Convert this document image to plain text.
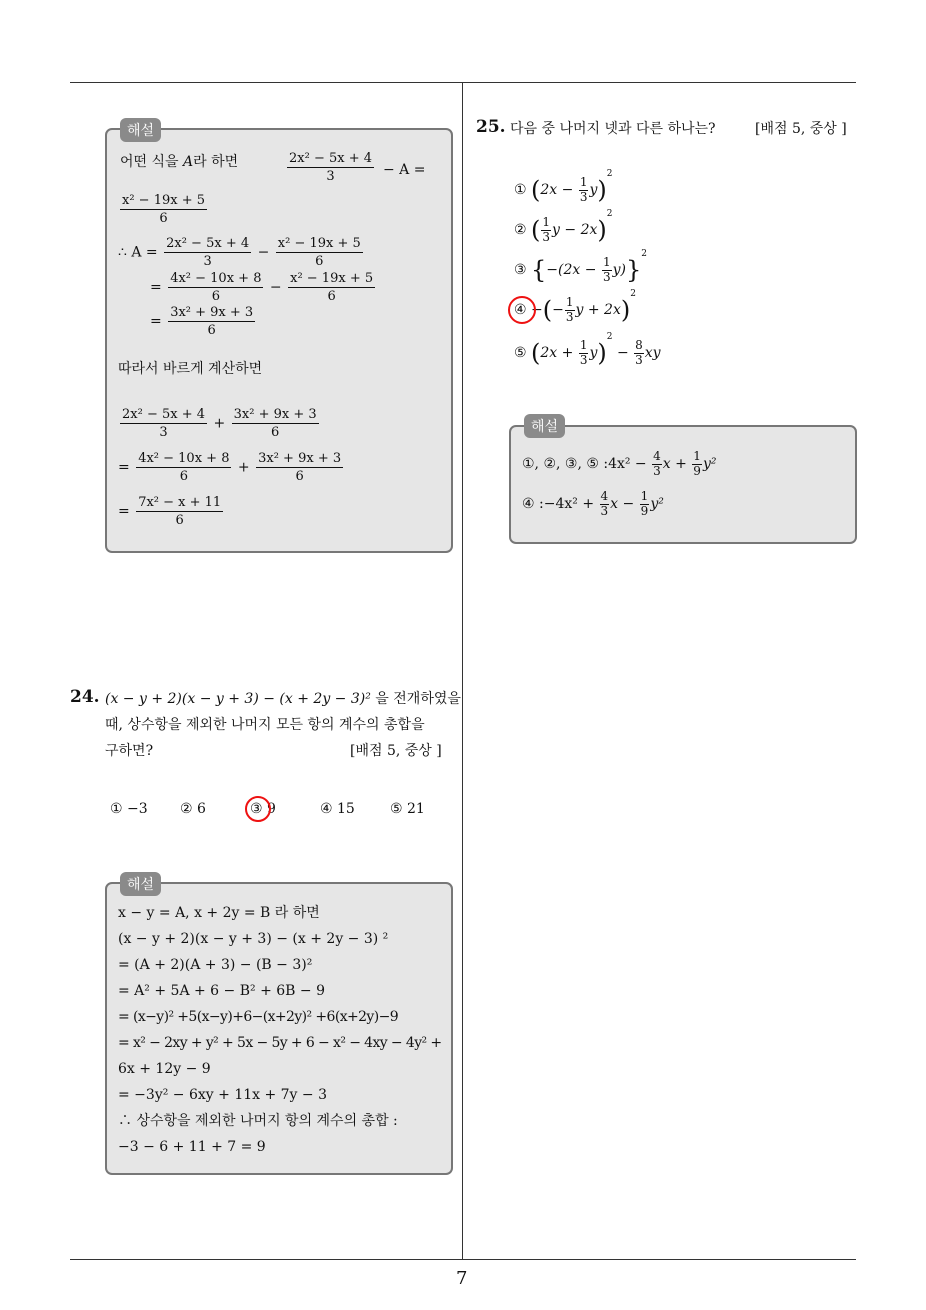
7
해설
어떤 식을 A라 하면	$\frac{\text{2x² − 5x + 4}}{3} - A$ =
$\frac{\text{x² − 19x + 5}}{6}$
∴ $A = \frac{\text{2x² − 5x + 4}}{3} - \frac{\text{x² − 19x + 5}}{6}$
= $\frac{\text{4x² − 10x + 8}}{6} - \frac{\text{x² − 19x + 5}}{6}$
= $\frac{\text{3x² + 9x + 3}}{6}$
따라서 바르게 계산하면
$\frac{\text{2x² − 5x + 4}}{3} + \frac{\text{3x² + 9x + 3}}{6}$
= $\frac{\text{4x² − 10x + 8}}{6} + \frac{\text{3x² + 9x + 3}}{6}$
= $\frac{\text{7x² − x + 11}}{6}$
24. (x − y + 2)(x − y + 3) − (x + 2y − 3)² 을 전개하였을
때, 상수항을 제외한 나머지 모든 항의 계수의 총합을
구하면?	[배점 5, 중상 ]
① −3 ② 6	③ 9	④ 15	⑤ 21
해설
x − y = A, x + 2y = B 라 하면
(x − y + 2)(x − y + 3) − (x + 2y − 3) ²
= (A + 2)(A + 3) − (B − 3)²
= A² + 5A + 6 − B² + 6B − 9
= (x−y)² +5(x−y)+6−(x+2y)² +6(x+2y)−9
= x² − 2xy + y² + 5x − 5y + 6 − x² − 4xy − 4y² +
6x + 12y − 9
= −3y² − 6xy + 11x + 7y − 3
∴ 상수항을 제외한 나머지 항의 계수의 총합 :
−3 − 6 + 11 + 7 = 9
25. 다음 중 나머지 넷과 다른 하나는?	[배점 5, 중상 ]
① $(2x - \frac{1}{3} y)^2$
② ( $\frac{1}{3}$ y − 2x)$^2$
③ $\{-(2x - \frac{1}{3} y)\}^2$
④ −(− $\frac{1}{3}$ y + 2x)$^2$
⑤ $(2x + \frac{1}{3} y)^2 - \frac{8}{3}$ xy
해설
①, ②, ③, ⑤ :4x² − $\frac{4}{3}$ $x + \frac{1}{9} y^2$
④ :−4x² + $\frac{4}{3}$ $x - \frac{1}{9} y^2$
